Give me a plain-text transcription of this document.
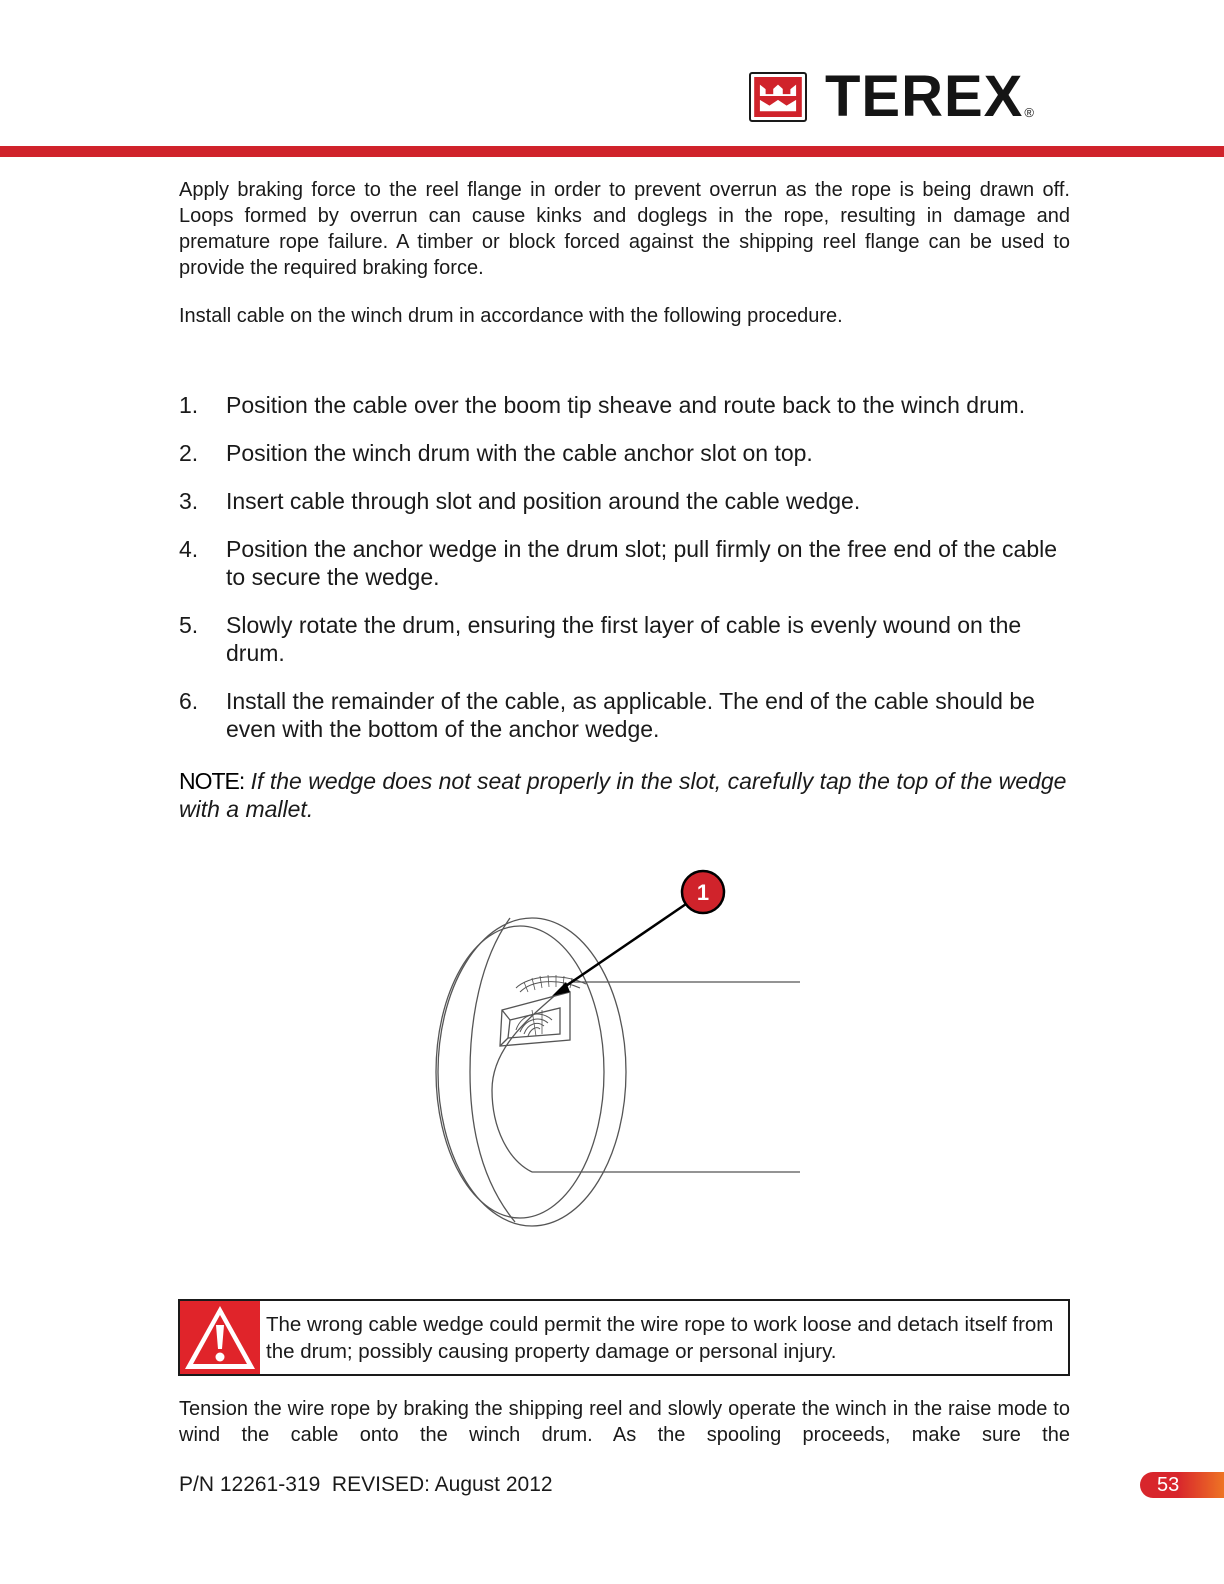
TEREX ®

Apply braking force to the reel flange in order to prevent overrun as the rope is being drawn off. Loops formed by overrun can cause kinks and doglegs in the rope, resulting in damage and premature rope failure. A timber or block forced against the shipping reel flange can be used to provide the required braking force.

Install cable on the winch drum in accordance with the following procedure.

1.	Position the cable over the boom tip sheave and route back to the winch drum.
2.	Position the winch drum with the cable anchor slot on top.
3.	Insert cable through slot and position around the cable wedge.
4.	Position the anchor wedge in the drum slot; pull firmly on the free end of the cable to secure the wedge.
5.	Slowly rotate the drum, ensuring the first layer of cable is evenly wound on the drum.
6.	Install the remainder of the cable, as applicable. The end of the cable should be even with the bottom of the anchor wedge.

NOTE: If the wedge does not seat properly in the slot, carefully tap the top of the wedge with a mallet.

1
The wrong cable wedge could permit the wire rope to work loose and detach itself from the drum; possibly causing property damage or personal injury.

Tension the wire rope by braking the shipping reel and slowly operate the winch in the raise mode to wind the cable onto the winch drum. As the spooling proceeds, make sure the

P/N 12261-319  REVISED: August 2012	53
